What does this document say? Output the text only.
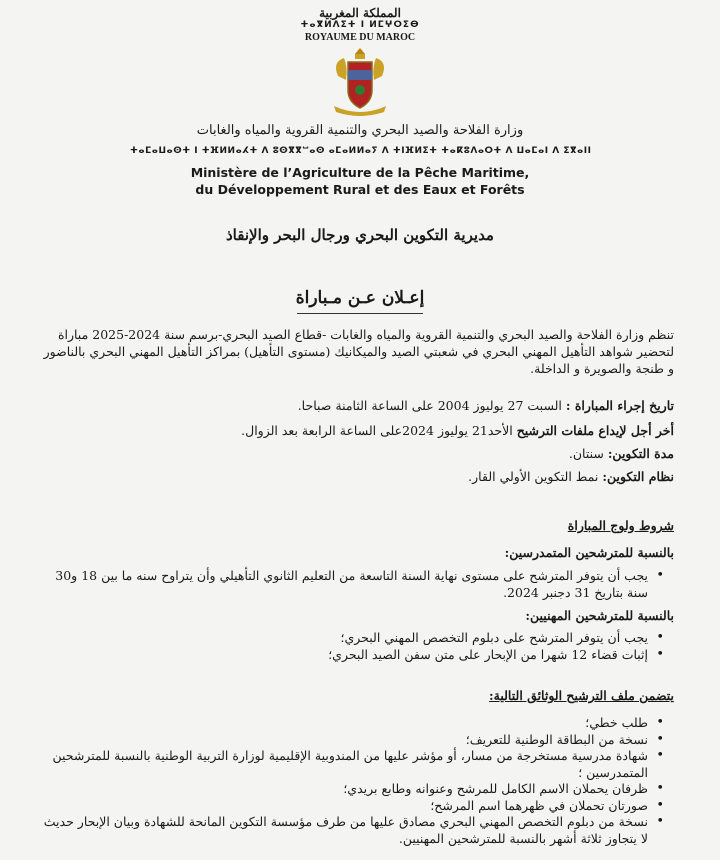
المملكة المغربية
ⵜⴰⴳⵍⴷⵉⵜ ⵏ ⵍⵎⵖⵔⵉⴱ
ROYAUME DU MAROC
وزارة الفلاحة والصيد البحري والتنمية القروية والمياه والغابات
ⵜⴰⵎⴰⵡⴰⵙⵜ ⵏ ⵜⴼⵍⵍⴰⵃⵜ ⴷ ⵓⵙⴳⴳⵯⴰⵙ ⴰⵎⴰⵍⵍⴰⵢ ⴷ ⵜⵏⴼⵍⵉⵜ ⵜⴰⴽⵓⴷⴰⵔⵜ ⴷ ⵡⴰⵎⴰⵏ ⴷ ⵉⴳⴰⵏⵏ
Ministère de l’Agriculture de la Pêche Maritime,
du Développement Rural et des Eaux et Forêts
مديرية التكوين البحري ورجال البحر والإنقاذ
إعـلان عـن مـباراة
تنظم وزارة الفلاحة والصيد البحري والتنمية القروية والمياه والغابات -قطاع الصيد البحري-برسم سنة 2024-2025 مباراة لتحضير شواهد التأهيل المهني البحري في شعبتي الصيد والميكانيك (مستوى التأهيل) بمراكز التأهيل المهني البحري بالناضور و طنجة والصويرة و الداخلة.
تاريخ إجراء المباراة : السبت 27 يوليوز 2004 على الساعة الثامنة صباحا.
أخر أجل لإيداع ملفات الترشيح الأحد21 يوليوز 2024على الساعة الرابعة بعد الزوال.
مدة التكوين: سنتان.
نظام التكوين: نمط التكوين الأولي القار.
شروط ولوج المباراة
بالنسبة للمترشحين المتمدرسين:
• يجب أن يتوفر المترشح على مستوى نهاية السنة التاسعة من التعليم الثانوي التأهيلي وأن يتراوح سنه ما بين 18 و30 سنة بتاريخ 31 دجنبر 2024.
بالنسبة للمترشحين المهنيين:
• يجب أن يتوفر المترشح على دبلوم التخصص المهني البحري؛
• إثبات قضاء 12 شهرا من الإبحار على متن سفن الصيد البحري؛
يتضمن ملف الترشيح الوثائق التالية:
• طلب خطي؛
• نسخة من البطاقة الوطنية للتعريف؛
• شهادة مدرسية مستخرجة من مسار، أو مؤشر عليها من المندوبية الإقليمية لوزارة التربية الوطنية بالنسبة للمترشحين المتمدرسين ؛
• ظرفان يحملان الاسم الكامل للمرشح وعنوانه وطابع بريدي؛
• صورتان تحملان في ظهرهما اسم المرشح؛
• نسخة من دبلوم التخصص المهني البحري مصادق عليها من طرف مؤسسة التكوين المانحة للشهادة وبيان الإبحار حديث لا يتجاوز ثلاثة أشهر بالنسبة للمترشحين المهنيين.
